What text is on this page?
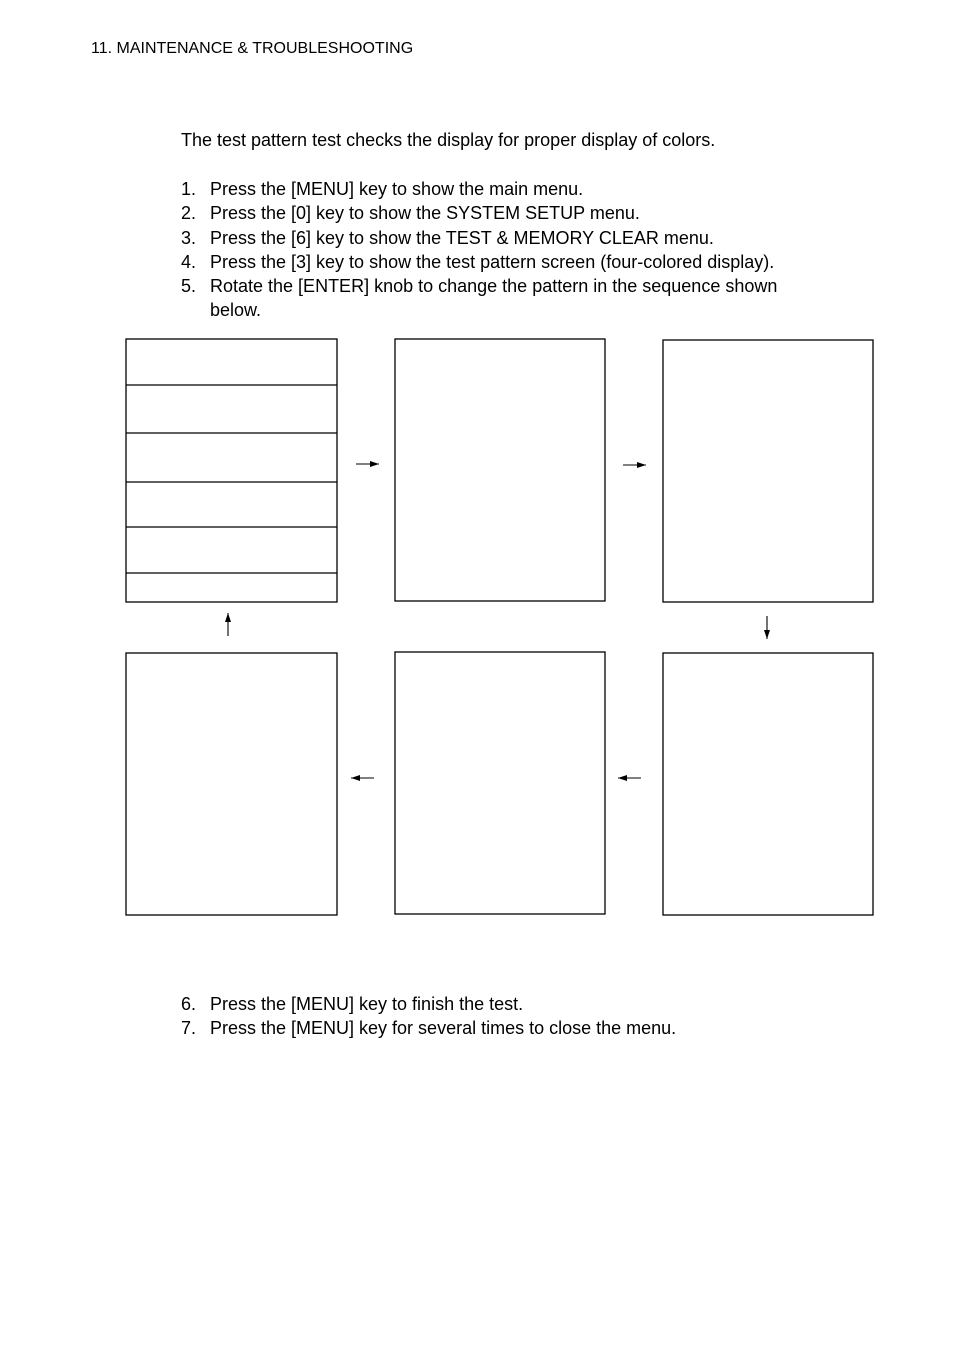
11. MAINTENANCE & TROUBLESHOOTING
The test pattern test checks the display for proper display of colors.
1. Press the [MENU] key to show the main menu.
2. Press the [0] key to show the SYSTEM SETUP menu.
3. Press the [6] key to show the TEST & MEMORY CLEAR menu.
4. Press the [3] key to show the test pattern screen (four-colored display).
5. Rotate the [ENTER] knob to change the pattern in the sequence shown below.
6. Press the [MENU] key to finish the test.
7. Press the [MENU] key for several times to close the menu.
